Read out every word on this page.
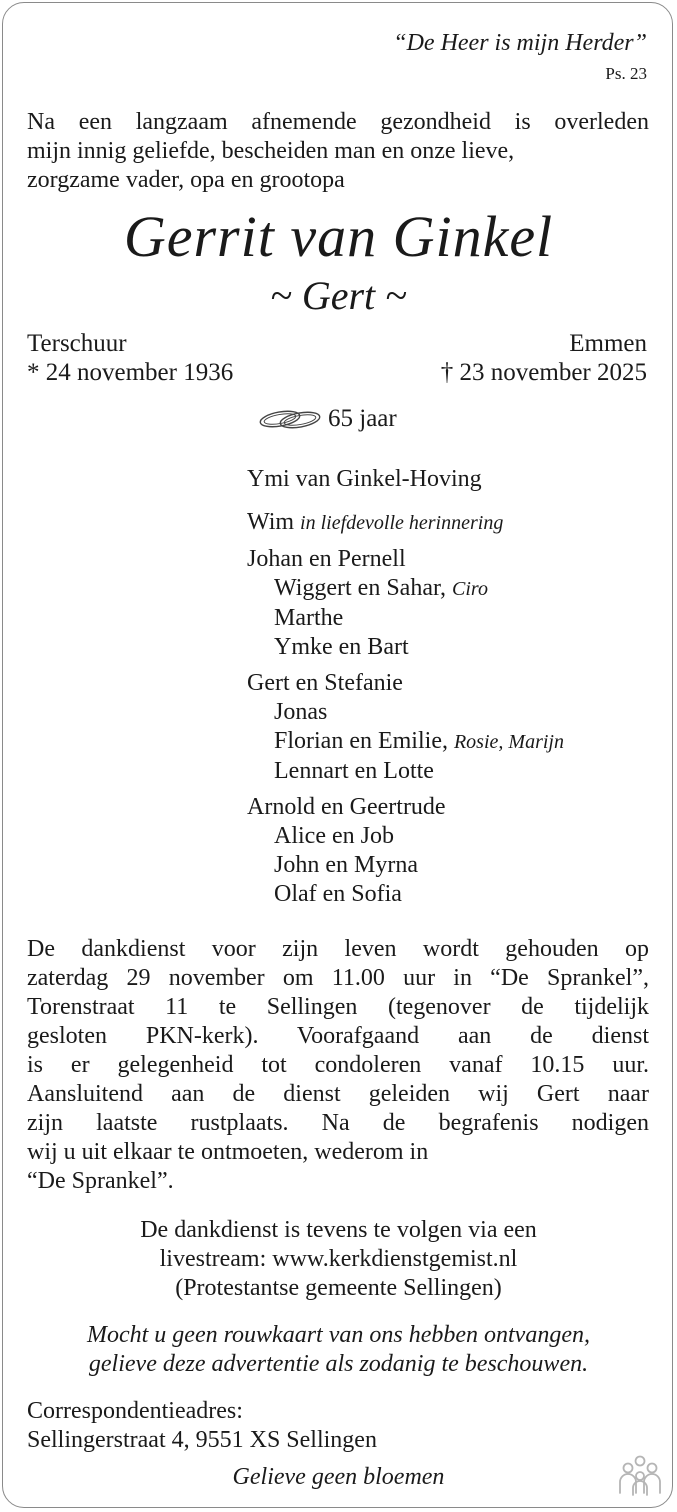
“De Heer is mijn Herder”
Ps. 23
Na een langzaam afnemende gezondheid is overleden
mijn innig geliefde, bescheiden man en onze lieve,
zorgzame vader, opa en grootopa
Gerrit van Ginkel
~ Gert ~
Terschuur
* 24 november 1936
Emmen
† 23 november 2025
65 jaar
Ymi van Ginkel-Hoving
Wim in liefdevolle herinnering
Johan en Pernell
Wiggert en Sahar, Ciro
Marthe
Ymke en Bart
Gert en Stefanie
Jonas
Florian en Emilie, Rosie, Marijn
Lennart en Lotte
Arnold en Geertrude
Alice en Job
John en Myrna
Olaf en Sofia
De dankdienst voor zijn leven wordt gehouden op
zaterdag 29 november om 11.00 uur in “De Sprankel”,
Torenstraat 11 te Sellingen (tegenover de tijdelijk
gesloten PKN-kerk). Voorafgaand aan de dienst
is er gelegenheid tot condoleren vanaf 10.15 uur.
Aansluitend aan de dienst geleiden wij Gert naar
zijn laatste rustplaats. Na de begrafenis nodigen
wij u uit elkaar te ontmoeten, wederom in
“De Sprankel”.
De dankdienst is tevens te volgen via een
livestream: www.kerkdienstgemist.nl
(Protestantse gemeente Sellingen)
Mocht u geen rouwkaart van ons hebben ontvangen,
gelieve deze advertentie als zodanig te beschouwen.
Correspondentieadres:
Sellingerstraat 4, 9551 XS Sellingen
Gelieve geen bloemen
